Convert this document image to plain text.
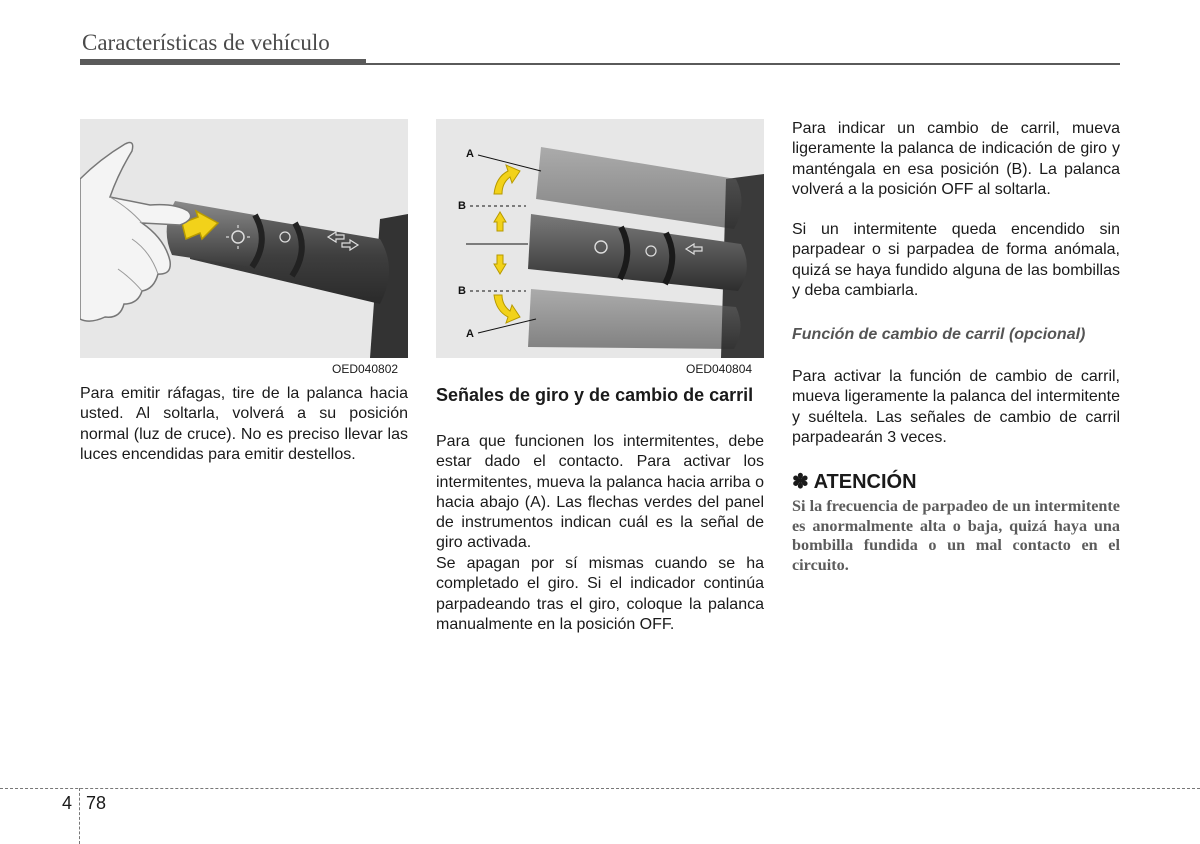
Características de vehículo
OED040802
A
B
B
A
OED040804

Para emitir ráfagas, tire de la palanca hacia usted. Al soltarla, volverá a su posición normal (luz de cruce). No es preciso llevar las luces encendidas para emitir destellos.

Señales de giro y de cambio de carril

Para que funcionen los intermitentes, debe estar dado el contacto. Para activar los intermitentes, mueva la palanca hacia arriba o hacia abajo (A). Las flechas verdes del panel de instrumentos indican cuál es la señal de giro activada.

Se apagan por sí mismas cuando se ha completado el giro. Si el indicador continúa parpadeando tras el giro, coloque la palanca manualmente en la posición OFF.

Para indicar un cambio de carril, mueva ligeramente la palanca de indicación de giro y manténgala en esa posición (B). La palanca volverá a la posición OFF al soltarla.

Si un intermitente queda encendido sin parpadear o si parpadea de forma anómala, quizá se haya fundido alguna de las bombillas y deba cambiarla.

Función de cambio de carril (opcional)

Para activar la función de cambio de carril, mueva ligeramente la palanca del intermitente y suéltela. Las señales de cambio de carril parpadearán 3 veces.

✽ ATENCIÓN

Si la frecuencia de parpadeo de un intermitente es anormalmente alta o baja, quizá haya una bombilla fundida o un mal contacto en el circuito.

4 78
